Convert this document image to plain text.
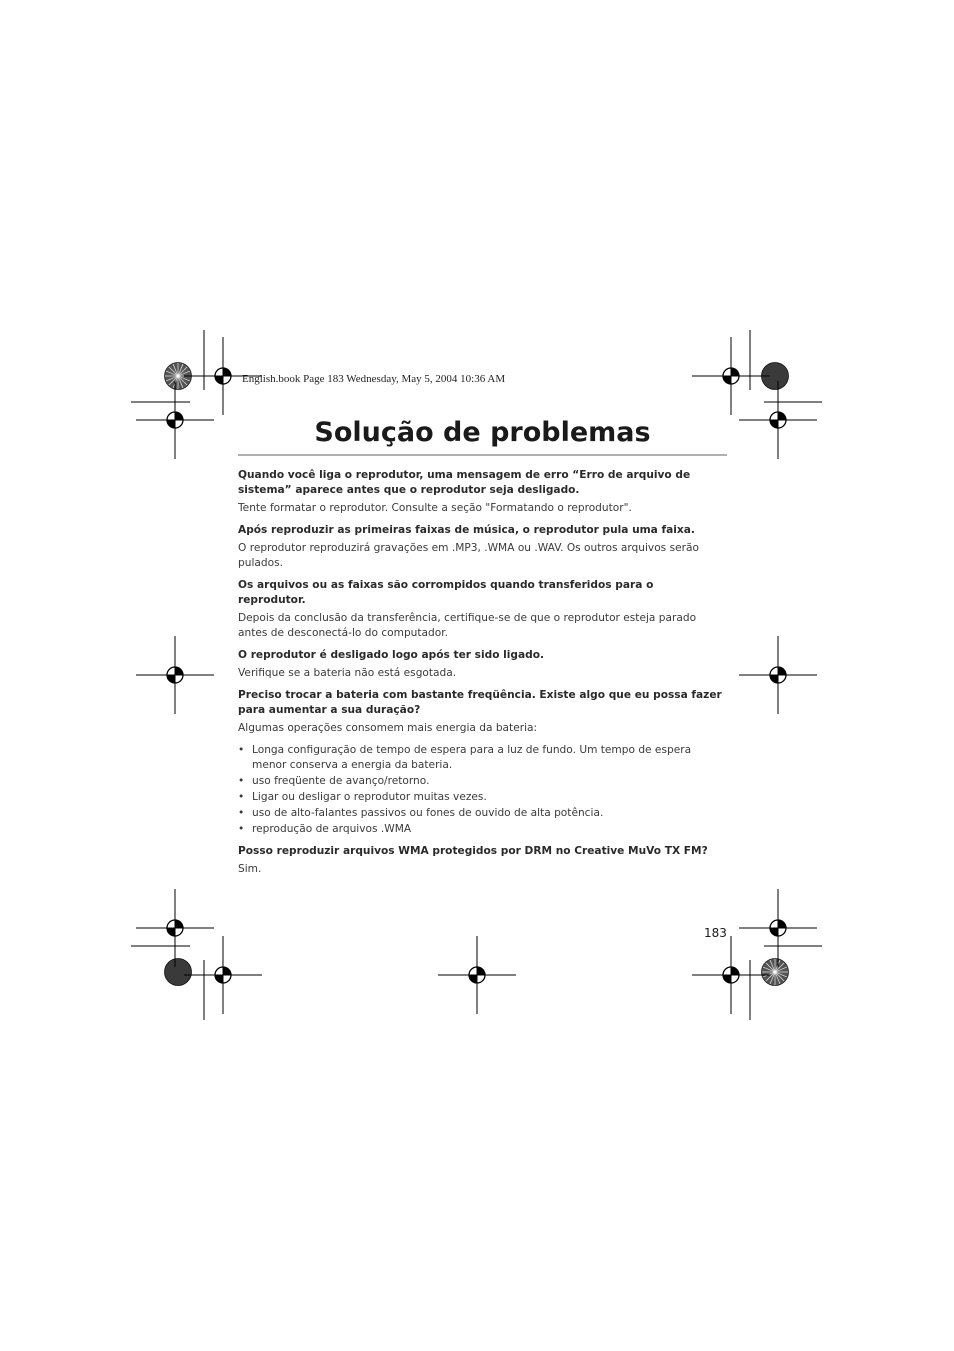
English.book Page 183 Wednesday, May 5, 2004 10:36 AM
Solução de problemas

Quando você liga o reprodutor, uma mensagem de erro “Erro de arquivo de sistema” aparece antes que o reprodutor seja desligado.

Tente formatar o reprodutor. Consulte a seção "Formatando o reprodutor".

Após reproduzir as primeiras faixas de música, o reprodutor pula uma faixa.

O reprodutor reproduzirá gravações em .MP3, .WMA ou .WAV. Os outros arquivos serão pulados.

Os arquivos ou as faixas são corrompidos quando transferidos para o reprodutor.

Depois da conclusão da transferência, certifique-se de que o reprodutor esteja parado antes de desconectá-lo do computador.

O reprodutor é desligado logo após ter sido ligado.

Verifique se a bateria não está esgotada.

Preciso trocar a bateria com bastante freqüência. Existe algo que eu possa fazer para aumentar a sua duração?

Algumas operações consomem mais energia da bateria:

• Longa configuração de tempo de espera para a luz de fundo. Um tempo de espera menor conserva a energia da bateria.
• uso freqüente de avanço/retorno.
• Ligar ou desligar o reprodutor muitas vezes.
• uso de alto-falantes passivos ou fones de ouvido de alta potência.
• reprodução de arquivos .WMA

Posso reproduzir arquivos WMA protegidos por DRM no Creative MuVo TX FM?

Sim.

183
